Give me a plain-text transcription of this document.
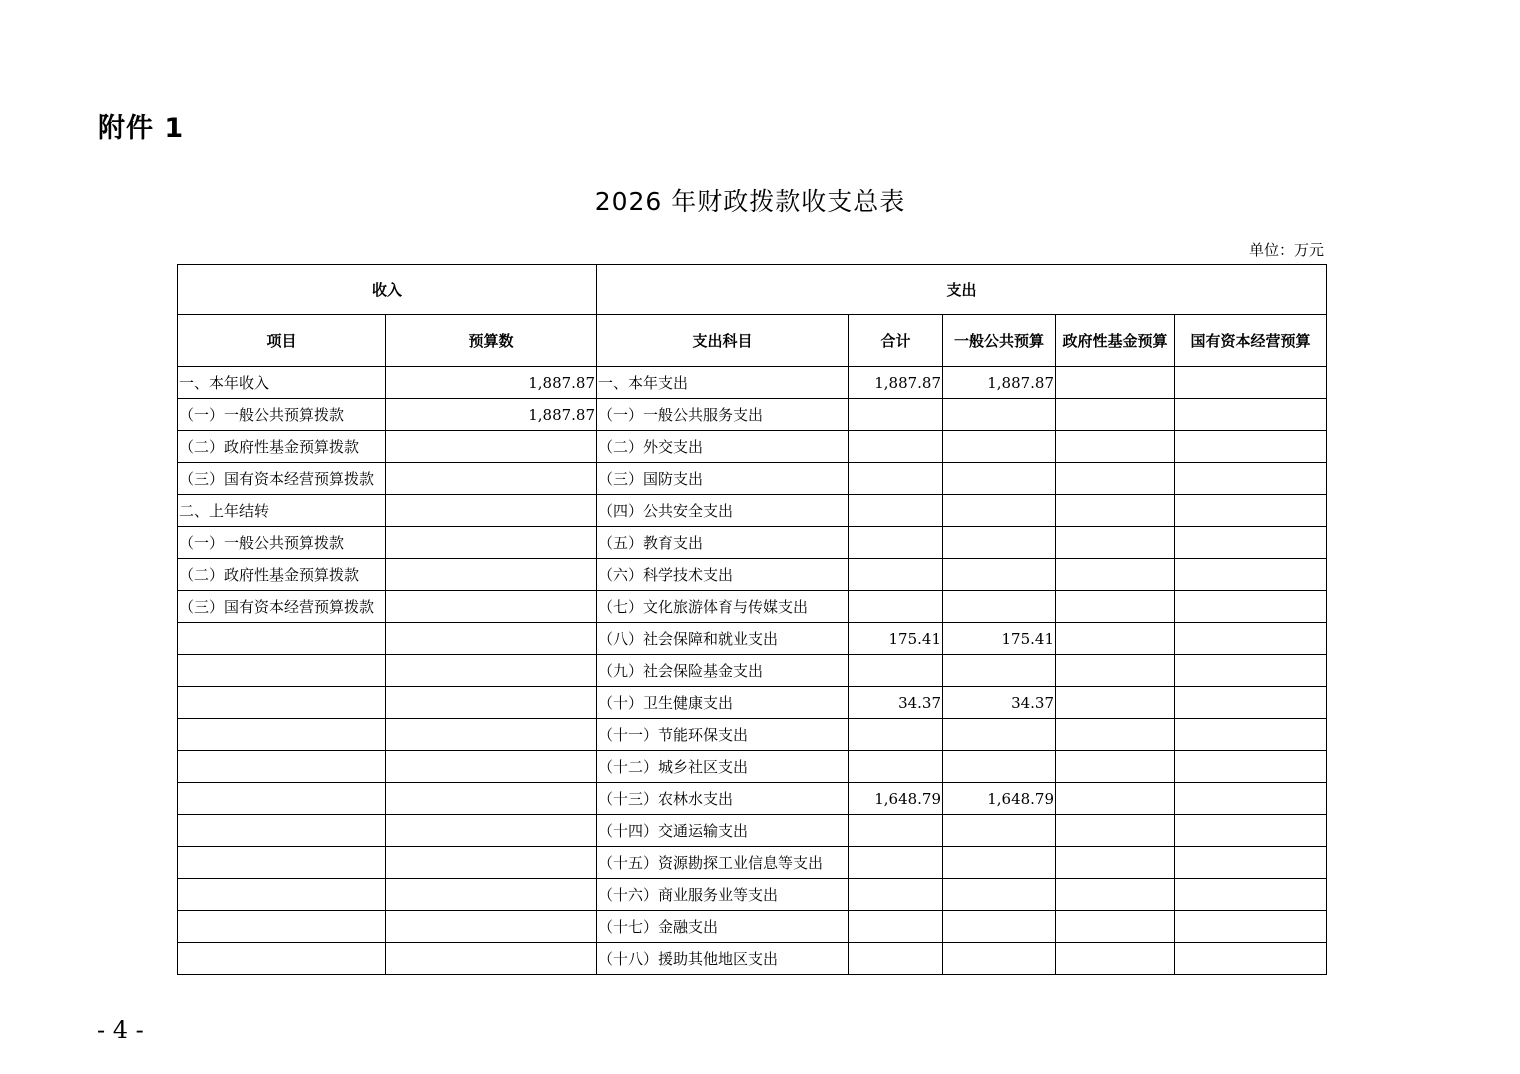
附件 1
2026 年财政拨款收支总表
单位：万元
收入		支出				
项目	预算数	支出科目	合计	一般公共预算	政府性基金预算	国有资本经营预算
一、本年收入	1,887.87	一、本年支出	1,887.87	1,887.87		
（一）一般公共预算拨款	1,887.87	（一）一般公共服务支出				
（二）政府性基金预算拨款		（二）外交支出				
（三）国有资本经营预算拨款		（三）国防支出				
二、上年结转		（四）公共安全支出				
（一）一般公共预算拨款		（五）教育支出				
（二）政府性基金预算拨款		（六）科学技术支出				
（三）国有资本经营预算拨款		（七）文化旅游体育与传媒支出				
		（八）社会保障和就业支出	175.41	175.41		
		（九）社会保险基金支出				
		（十）卫生健康支出	34.37	34.37		
		（十一）节能环保支出				
		（十二）城乡社区支出				
		（十三）农林水支出	1,648.79	1,648.79		
		（十四）交通运输支出				
		（十五）资源勘探工业信息等支出				
		（十六）商业服务业等支出				
		（十七）金融支出				
		（十八）援助其他地区支出				
- 4 -
